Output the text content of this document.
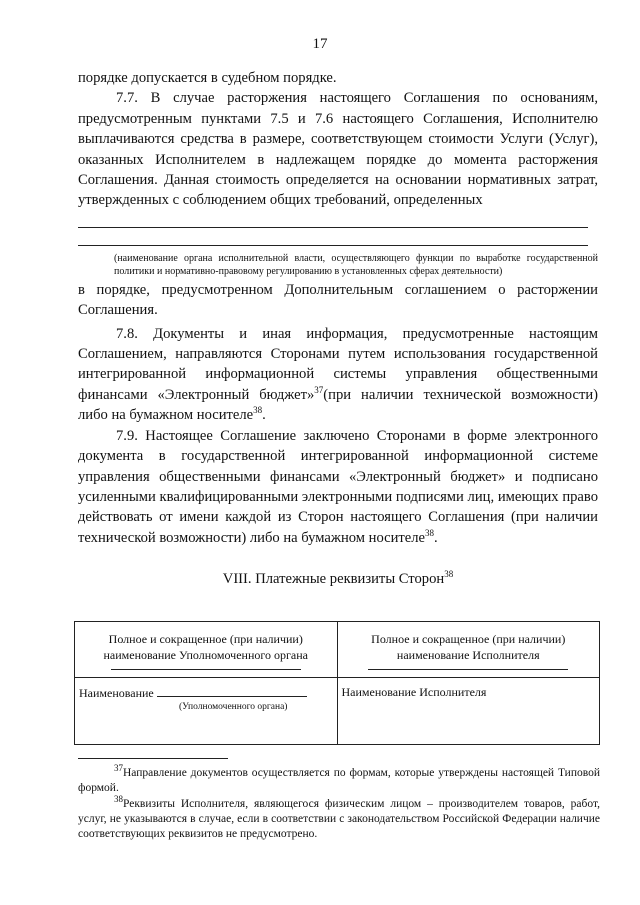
17

порядке допускается в судебном порядке.

7.7. В случае расторжения настоящего Соглашения по основаниям, предусмотренным пунктами 7.5 и 7.6 настоящего Соглашения, Исполнителю выплачиваются средства в размере, соответствующем стоимости Услуги (Услуг), оказанных Исполнителем в надлежащем порядке до момента расторжения Соглашения. Данная стоимость определяется на основании нормативных затрат, утвержденных с соблюдением общих требований, определенных

(наименование органа исполнительной власти, осуществляющего функции по выработке государственной политики и нормативно-правовому регулированию в установленных сферах деятельности)

в порядке, предусмотренном Дополнительным соглашением о расторжении Соглашения.

7.8. Документы и иная информация, предусмотренные настоящим Соглашением, направляются Сторонами путем использования государственной интегрированной информационной системы управления общественными финансами «Электронный бюджет»$^{37}$(при наличии технической возможности) либо на бумажном носителе$^{38}$.

7.9. Настоящее Соглашение заключено Сторонами в форме электронного документа в государственной интегрированной информационной системе управления общественными финансами «Электронный бюджет» и подписано усиленными квалифицированными электронными подписями лиц, имеющих право действовать от имени каждой из Сторон настоящего Соглашения (при наличии технической возможности) либо на бумажном носителе$^{38}$.

VIII. Платежные реквизиты Сторон$^{38}$
Полное и сокращенное (при наличии) наименование Уполномоченного органа	Полное и сокращенное (при наличии) наименование Исполнителя

Наименование
(Уполномоченного органа)	Наименование Исполнителя

$^{37}$Направление документов осуществляется по формам, которые утверждены настоящей Типовой формой.

$^{38}$Реквизиты Исполнителя, являющегося физическим лицом – производителем товаров, работ, услуг, не указываются в случае, если в соответствии с законодательством Российской Федерации наличие соответствующих реквизитов не предусмотрено.
